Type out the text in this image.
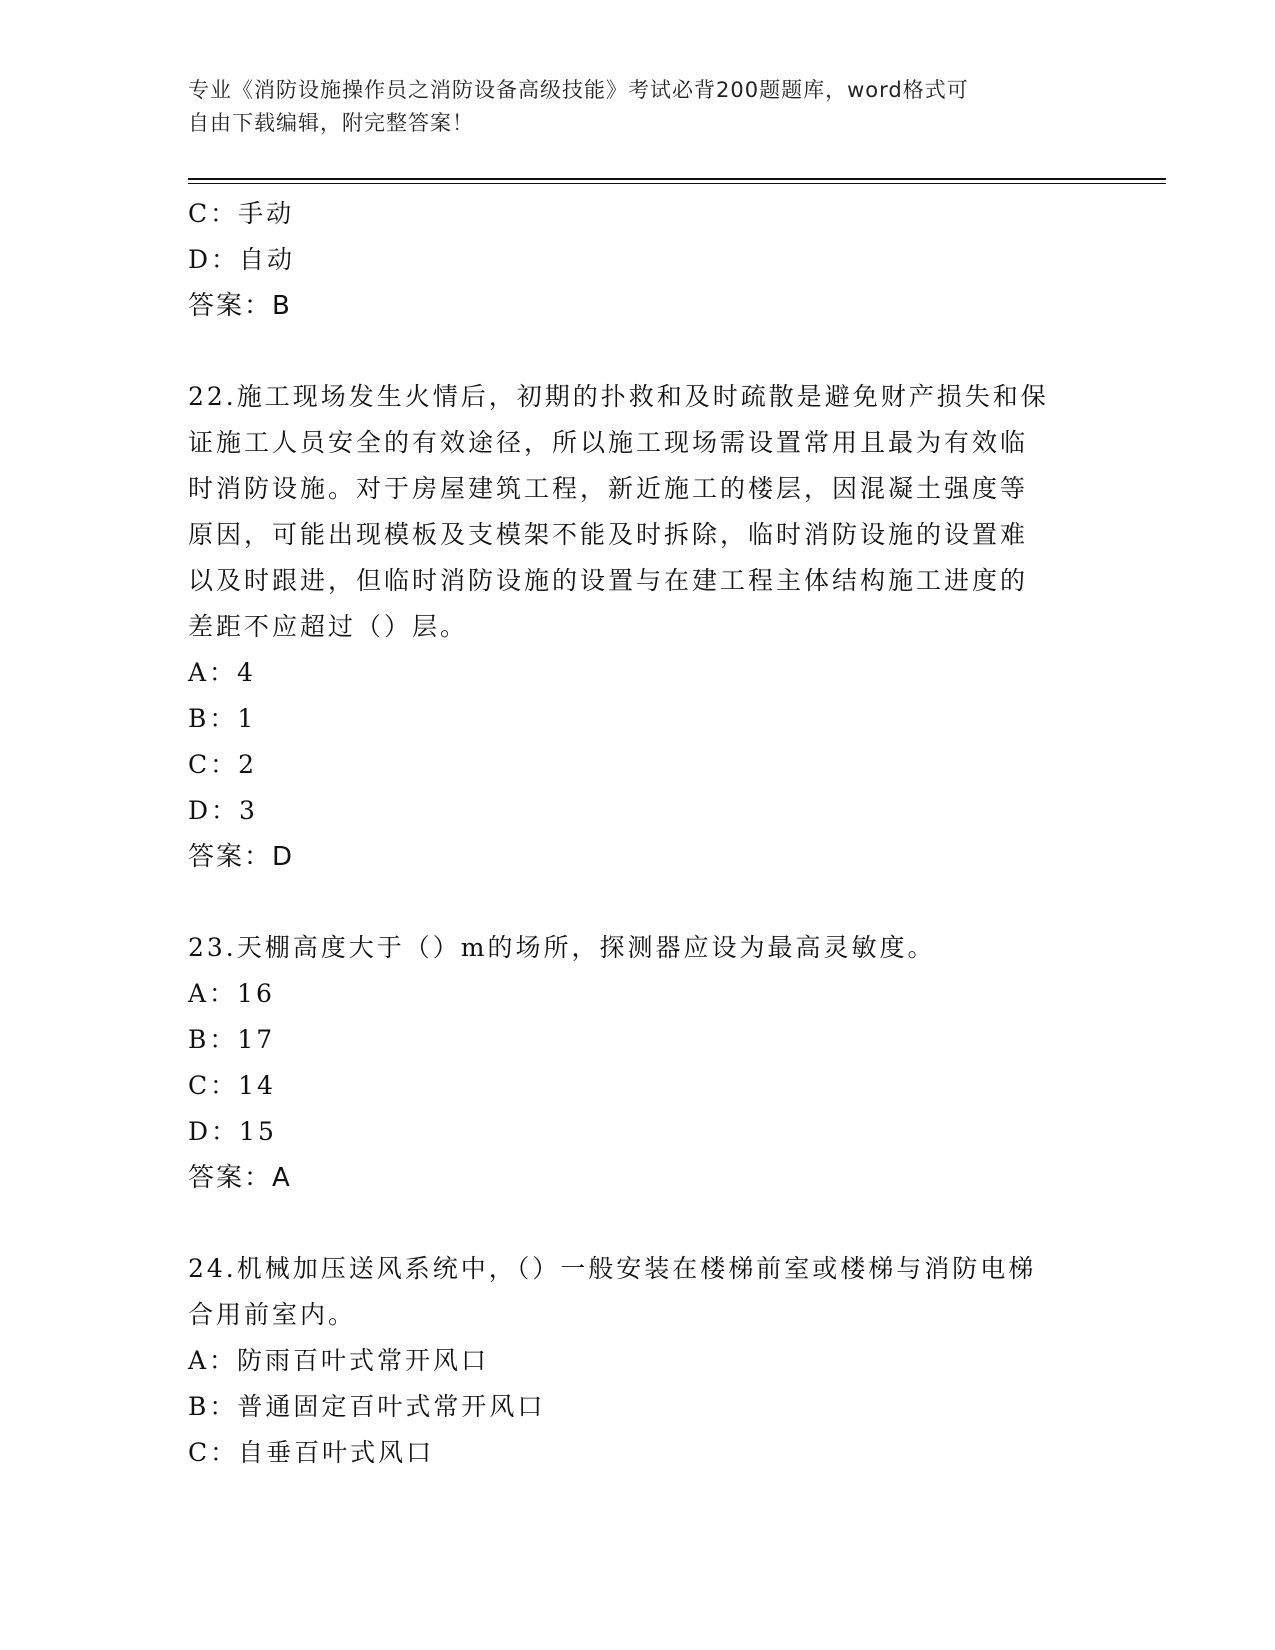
专业《消防设施操作员之消防设备高级技能》考试必背200题题库，word格式可
自由下载编辑，附完整答案！
C：手动
D：自动
答案：B
22.施工现场发生火情后，初期的扑救和及时疏散是避免财产损失和保
证施工人员安全的有效途径，所以施工现场需设置常用且最为有效临
时消防设施。对于房屋建筑工程，新近施工的楼层，因混凝土强度等
原因，可能出现模板及支模架不能及时拆除，临时消防设施的设置难
以及时跟进，但临时消防设施的设置与在建工程主体结构施工进度的
差距不应超过（）层。
A：4
B：1
C：2
D：3
答案：D
23.天棚高度大于（）m的场所，探测器应设为最高灵敏度。
A：16
B：17
C：14
D：15
答案：A
24.机械加压送风系统中，（）一般安装在楼梯前室或楼梯与消防电梯
合用前室内。
A：防雨百叶式常开风口
B：普通固定百叶式常开风口
C：自垂百叶式风口
